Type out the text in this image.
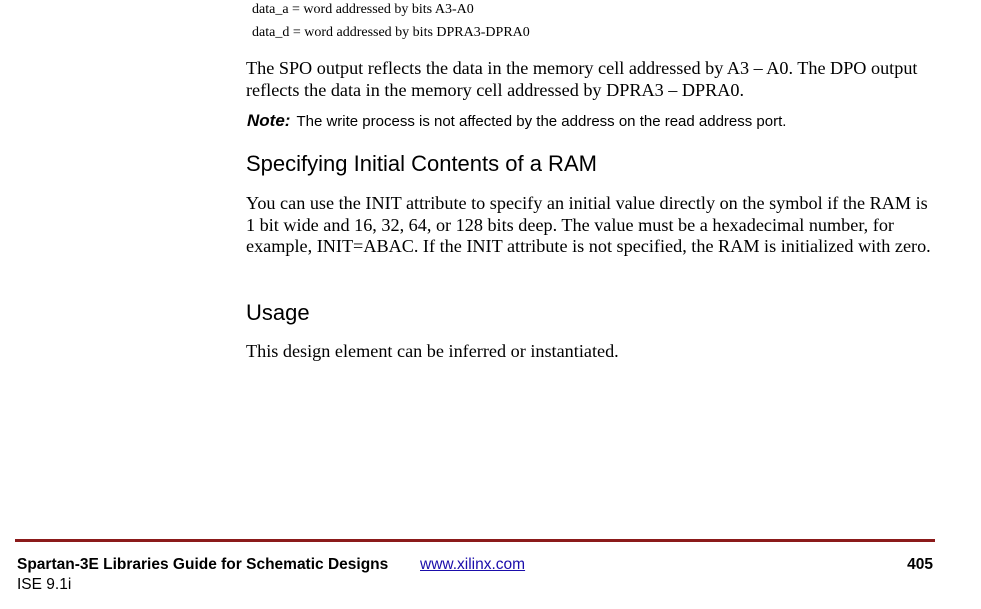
data_a = word addressed by bits A3-A0
data_d = word addressed by bits DPRA3-DPRA0

The SPO output reflects the data in the memory cell addressed by A3 – A0. The DPO output reflects the data in the memory cell addressed by DPRA3 – DPRA0.

Note: The write process is not affected by the address on the read address port.
Specifying Initial Contents of a RAM

You can use the INIT attribute to specify an initial value directly on the symbol if the RAM is 1 bit wide and 16, 32, 64, or 128 bits deep. The value must be a hexadecimal number, for example, INIT=ABAC. If the INIT attribute is not specified, the RAM is initialized with zero.

Usage

This design element can be inferred or instantiated.

Spartan-3E Libraries Guide for Schematic Designs www.xilinx.com	405
ISE 9.1i
